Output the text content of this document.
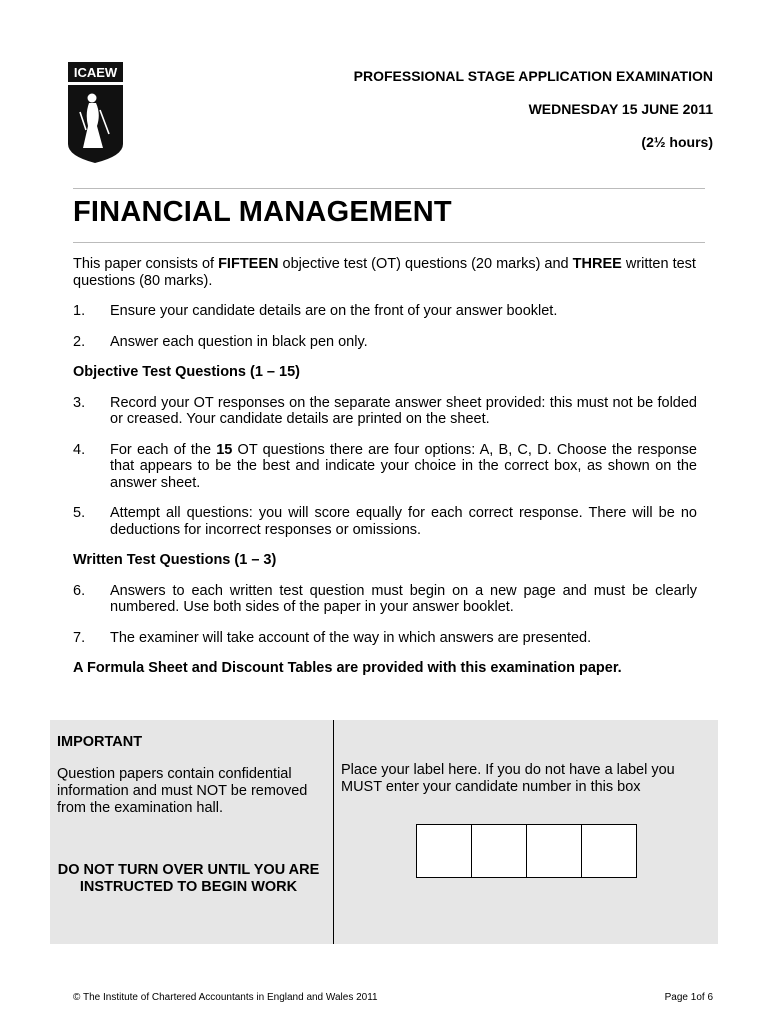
ICAEW	PROFESSIONAL STAGE APPLICATION EXAMINATION
WEDNESDAY 15 JUNE 2011
(2½ hours)
FINANCIAL MANAGEMENT

This paper consists of FIFTEEN objective test (OT) questions (20 marks) and THREE written test questions (80 marks).

1.	Ensure your candidate details are on the front of your answer booklet.
2.	Answer each question in black pen only.

Objective Test Questions (1 – 15)

3.	Record your OT responses on the separate answer sheet provided: this must not be folded or creased. Your candidate details are printed on the sheet.
4.	For each of the 15 OT questions there are four options: A, B, C, D. Choose the response that appears to be the best and indicate your choice in the correct box, as shown on the answer sheet.
5.	Attempt all questions: you will score equally for each correct response. There will be no deductions for incorrect responses or omissions.

Written Test Questions (1 – 3)

6.	Answers to each written test question must begin on a new page and must be clearly numbered. Use both sides of the paper in your answer booklet.
7.	The examiner will take account of the way in which answers are presented.

A Formula Sheet and Discount Tables are provided with this examination paper.

IMPORTANT
Question papers contain confidential information and must NOT be removed from the examination hall.
DO NOT TURN OVER UNTIL YOU ARE INSTRUCTED TO BEGIN WORK
Place your label here. If you do not have a label you MUST enter your candidate number in this box
© The Institute of Chartered Accountants in England and Wales 2011	Page 1of 6
